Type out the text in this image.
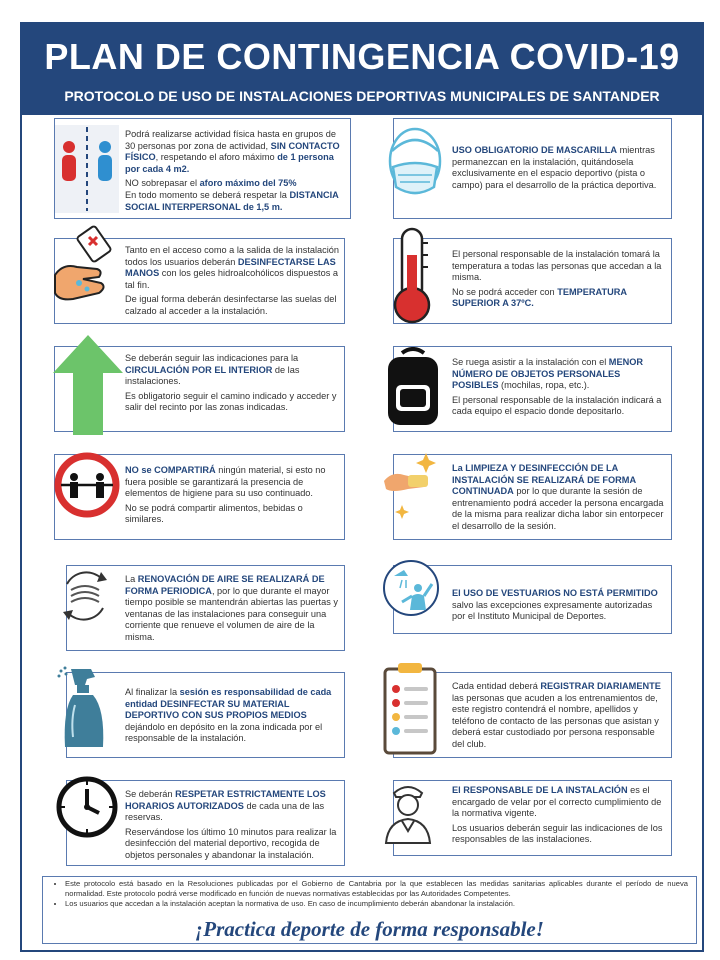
PLAN DE CONTINGENCIA COVID-19
PROTOCOLO DE USO DE INSTALACIONES DEPORTIVAS MUNICIPALES DE SANTANDER

Podrá realizarse actividad física hasta en grupos de 30 personas por zona de actividad, SIN CONTACTO FÍSICO, respetando el aforo máximo de 1 persona por cada 4 m2.

NO sobrepasar el aforo máximo del 75%

En todo momento se deberá respetar la DISTANCIA SOCIAL INTERPERSONAL de 1,5 m.

USO OBLIGATORIO DE MASCARILLA mientras permanezcan en la instalación, quitándosela exclusivamente en el espacio deportivo (pista o campo) para el desarrollo de la práctica deportiva.

Tanto en el acceso como a la salida de la instalación todos los usuarios deberán DESINFECTARSE LAS MANOS con los geles hidroalcohólicos dispuestos a tal fin.

De igual forma deberán desinfectarse las suelas del calzado al acceder a la instalación.

El personal responsable de la instalación tomará la temperatura a todas las personas que accedan a la misma.

No se podrá acceder con TEMPERATURA SUPERIOR A 37ºC.

Se deberán seguir las indicaciones para la CIRCULACIÓN POR EL INTERIOR de las instalaciones.

Es obligatorio seguir el camino indicado y acceder y salir del recinto por las zonas indicadas.

Se ruega asistir a la instalación con el MENOR NÚMERO DE OBJETOS PERSONALES POSIBLES (mochilas, ropa, etc.).

El personal responsable de la instalación indicará a cada equipo el espacio donde depositarlo.

NO se COMPARTIRÁ ningún material, si esto no fuera posible se garantizará la presencia de elementos de higiene para su uso continuado.

No se podrá compartir alimentos, bebidas o similares.

La LIMPIEZA Y DESINFECCIÓN DE LA INSTALACIÓN SE REALIZARÁ DE FORMA CONTINUADA por lo que durante la sesión de entrenamiento podrá acceder la persona encargada de la misma para realizar dicha labor sin entorpecer el desarrollo de la sesión.

La RENOVACIÓN DE AIRE SE REALIZARÁ DE FORMA PERIODICA, por lo que durante el mayor tiempo posible se mantendrán abiertas las puertas y ventanas de las instalaciones para conseguir una corriente que renueve el volumen de aire de la misma.

El USO DE VESTUARIOS NO ESTÁ PERMITIDO salvo las excepciones expresamente autorizadas por el Instituto Municipal de Deportes.

Al finalizar la sesión es responsabilidad de cada entidad DESINFECTAR SU MATERIAL DEPORTIVO CON SUS PROPIOS MEDIOS dejándolo en depósito en la zona indicada por el responsable de la instalación.

Cada entidad deberá REGISTRAR DIARIAMENTE las personas que acuden a los entrenamientos de, este registro contendrá el nombre, apellidos y teléfono de contacto de las personas que asistan y deberá estar custodiado por persona responsable del club.

Se deberán RESPETAR ESTRICTAMENTE LOS HORARIOS AUTORIZADOS de cada una de las reservas.

Reservándose los último 10 minutos para realizar la desinfección del material deportivo, recogida de objetos personales y abandonar la instalación.

El RESPONSABLE DE LA INSTALACIÓN es el encargado de velar por el correcto cumplimiento de la normativa vigente.

Los usuarios deberán seguir las indicaciones de los responsables de las instalaciones.

• Este protocolo está basado en la Resoluciones publicadas por el Gobierno de Cantabria por la que establecen las medidas sanitarias aplicables durante el período de nueva normalidad. Este protocolo podrá verse modificado en función de nuevas normativas establecidas por las Autoridades Competentes.
• Los usuarios que accedan a la instalación aceptan la normativa de uso. En caso de incumplimiento deberán abandonar la instalación.
¡Practica deporte de forma responsable!
